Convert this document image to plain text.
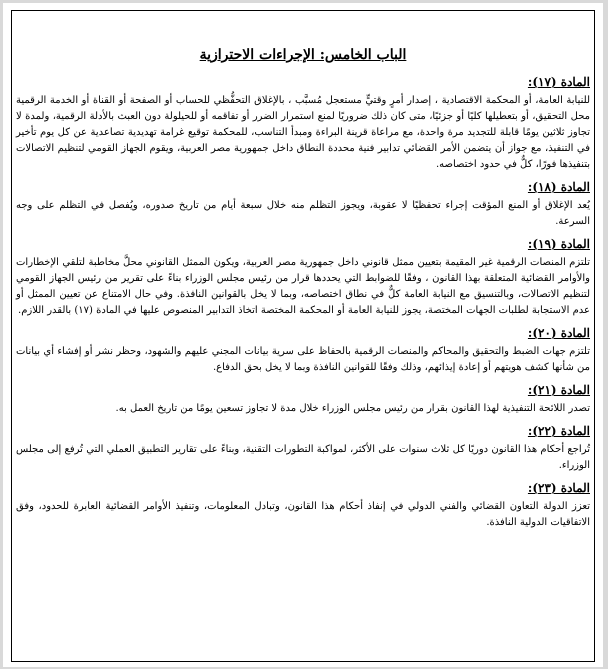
الباب الخامس: الإجراءات الاحترازية
المادة (١٧):

للنيابة العامة، أو المحكمة الاقتصادية ، إصدار أمرٍ وقتيٍّ مستعجل مُسبَّب ، بالإغلاق التحفُّظي للحساب أو الصفحة أو القناة أو الخدمة الرقمية محل التحقيق، أو بتعطيلها كليًا أو جزئيًا، متى كان ذلك ضروريًا لمنع استمرار الضرر أو تفاقمه أو للحيلولة دون العبث بالأدلة الرقمية، ولمدة لا تجاوز ثلاثين يومًا قابلة للتجديد مرة واحدة، مع مراعاة قرينة البراءة ومبدأ التناسب، للمحكمة توقيع غرامة تهديدية تصاعدية عن كل يوم تأخير في التنفيذ، مع جواز أن يتضمن الأمر القضائي تدابير فنية محددة النطاق داخل جمهورية مصر العربية، ويقوم الجهاز القومي لتنظيم الاتصالات بتنفيذها فورًا، كلٌّ في حدود اختصاصه.

المادة (١٨):

يُعد الإغلاق أو المنع المؤقت إجراء تحفظيًا لا عقوبة، ويجوز التظلم منه خلال سبعة أيام من تاريخ صدوره، ويُفصل في التظلم على وجه السرعة.

المادة (١٩):

تلتزم المنصات الرقمية غير المقيمة بتعيين ممثل قانوني داخل جمهورية مصر العربية، ويكون الممثل القانوني محلَّ مخاطبة لتلقي الإخطارات والأوامر القضائية المتعلقة بهذا القانون ، وفقًا للضوابط التي يحددها قرار من رئيس مجلس الوزراء بناءً على تقرير من رئيس الجهاز القومي لتنظيم الاتصالات، وبالتنسيق مع النيابة العامة كلٌّ في نطاق اختصاصه، وبما لا يخل بالقوانين النافذة. وفي حال الامتناع عن تعيين الممثل أو عدم الاستجابة لطلبات الجهات المختصة، يجوز للنيابة العامة أو المحكمة المختصة اتخاذ التدابير المنصوص عليها في المادة (١٧) بالقدر اللازم.

المادة (٢٠):

تلتزم جهات الضبط والتحقيق والمحاكم والمنصات الرقمية بالحفاظ على سرية بيانات المجني عليهم والشهود، وحظر نشر أو إفشاء أي بيانات من شأنها كشف هويتهم أو إعادة إيذائهم، وذلك وفقًا للقوانين النافذة وبما لا يخل بحق الدفاع.

المادة (٢١):

تصدر اللائحة التنفيذية لهذا القانون بقرار من رئيس مجلس الوزراء خلال مدة لا تجاوز تسعين يومًا من تاريخ العمل به.

المادة (٢٢):

تُراجع أحكام هذا القانون دوريًا كل ثلاث سنوات على الأكثر، لمواكبة التطورات التقنية، وبناءً على تقارير التطبيق العملي التي تُرفع إلى مجلس الوزراء.

المادة (٢٣):

تعزز الدولة التعاون القضائي والفني الدولي في إنفاذ أحكام هذا القانون، وتبادل المعلومات، وتنفيذ الأوامر القضائية العابرة للحدود، وفق الاتفاقيات الدولية النافذة.
